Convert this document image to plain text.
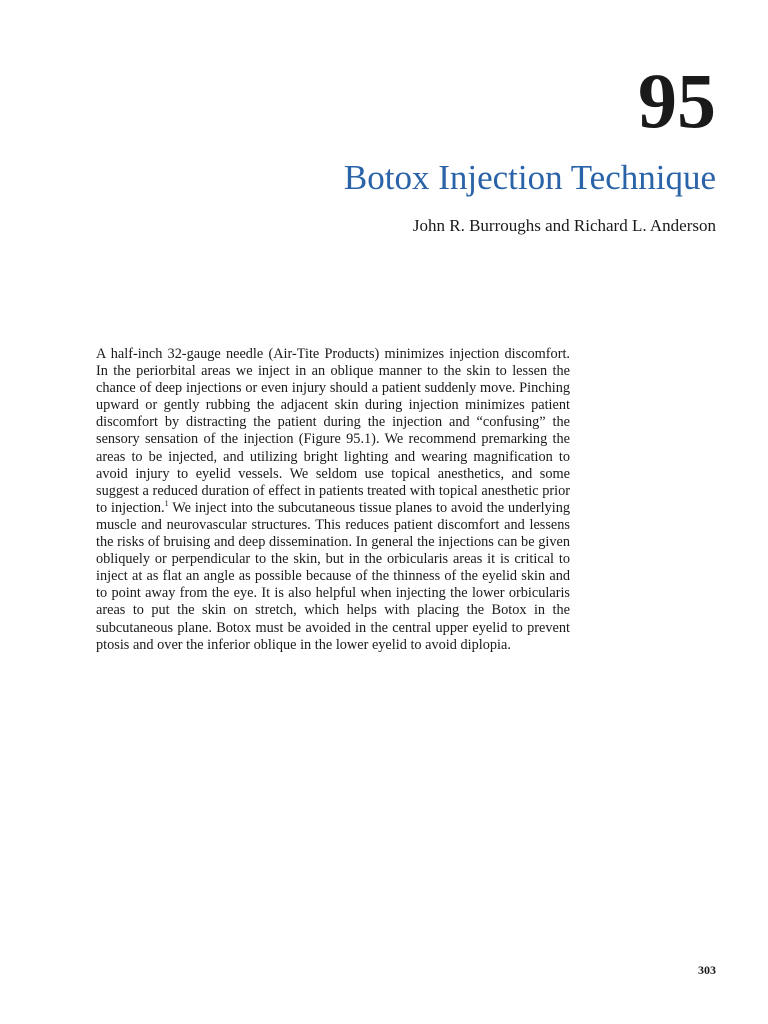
95
Botox Injection Technique
John R. Burroughs and Richard L. Anderson

A half-inch 32-gauge needle (Air-Tite Products) minimizes injection discomfort. In the periorbital areas we inject in an oblique manner to the skin to lessen the chance of deep injections or even injury should a patient suddenly move. Pinching upward or gently rubbing the adjacent skin during injection minimizes patient discomfort by distracting the patient during the injection and “confusing” the sensory sensation of the injection (Figure 95.1). We recommend premarking the areas to be injected, and utilizing bright lighting and wearing magnification to avoid injury to eyelid vessels. We seldom use topical anesthetics, and some suggest a reduced duration of effect in patients treated with topical anesthetic prior to injection.$^1$ We inject into the subcutaneous tissue planes to avoid the underlying muscle and neurovascular structures. This reduces patient discomfort and lessens the risks of bruising and deep dissemination. In general the injections can be given obliquely or perpendicular to the skin, but in the orbicularis areas it is critical to inject at as flat an angle as possible because of the thinness of the eyelid skin and to point away from the eye. It is also helpful when injecting the lower orbicularis areas to put the skin on stretch, which helps with placing the Botox in the subcutaneous plane. Botox must be avoided in the central upper eyelid to prevent ptosis and over the inferior oblique in the lower eyelid to avoid diplopia.

303
